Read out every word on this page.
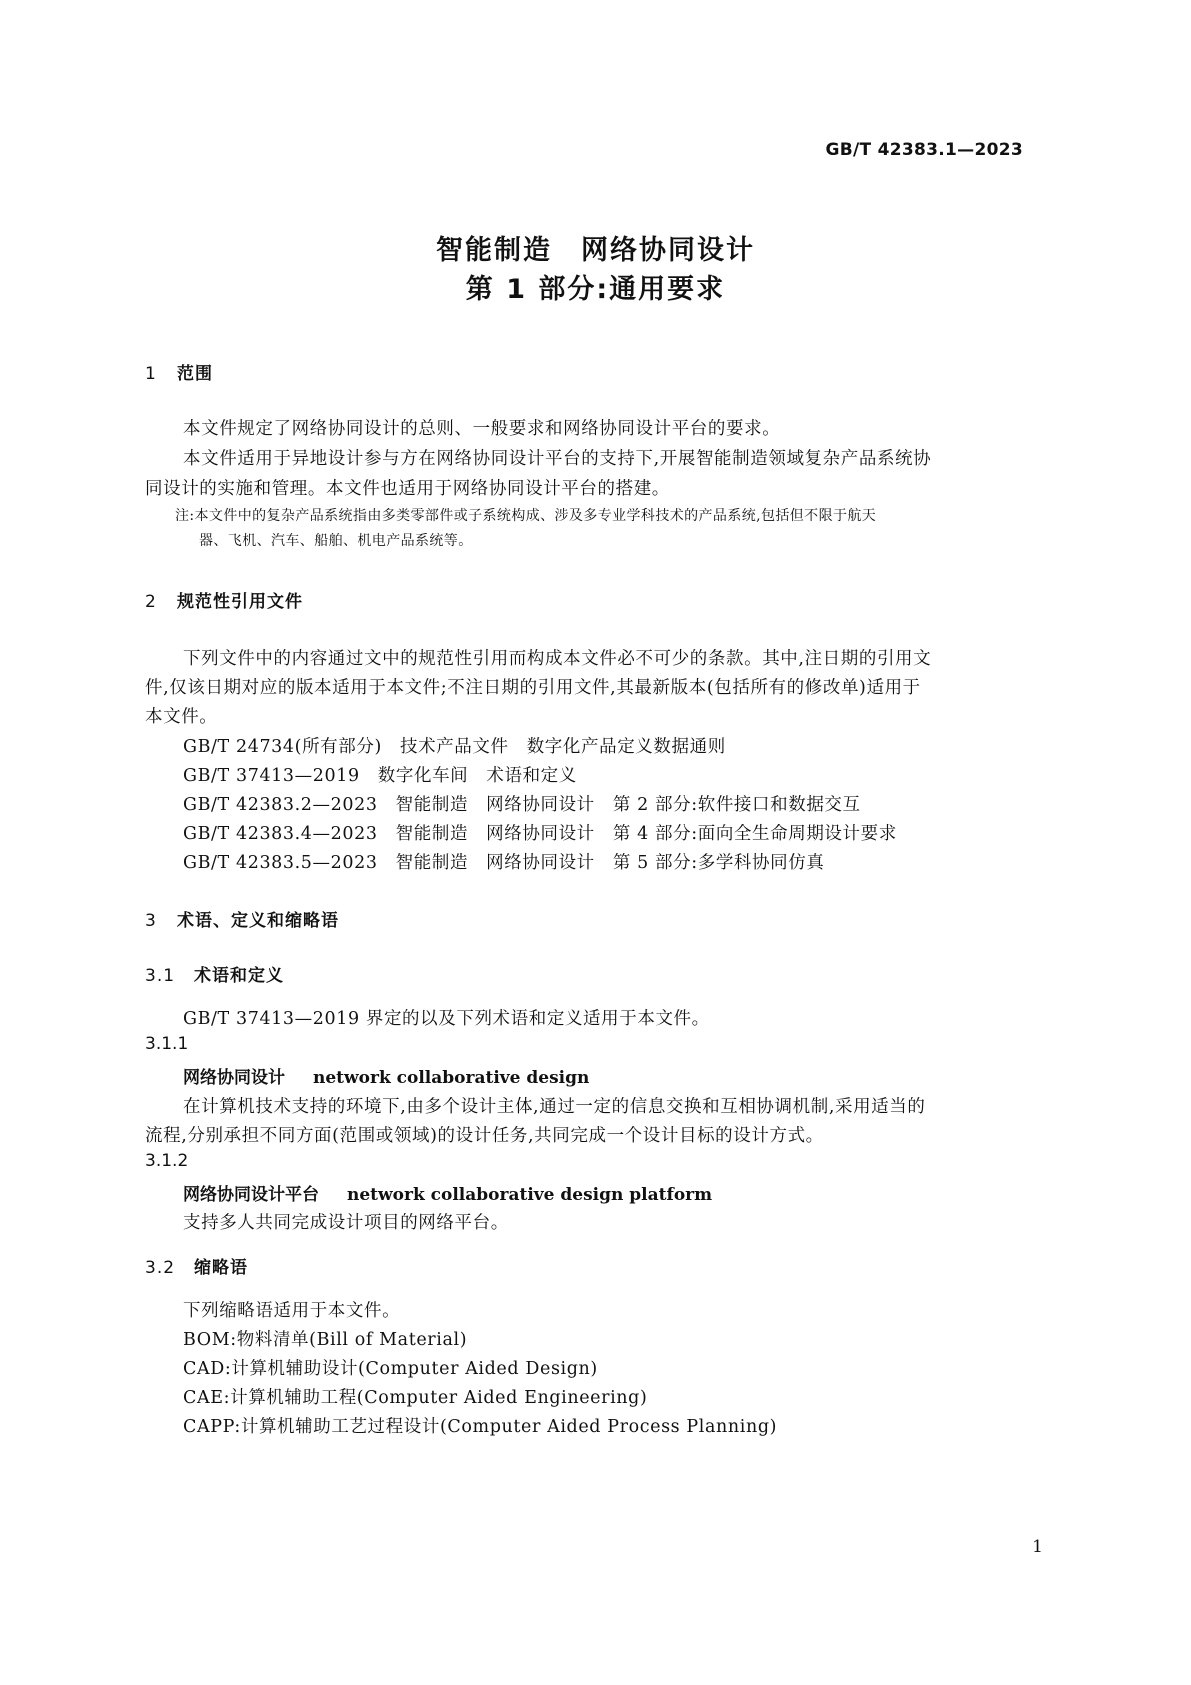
GB/T 42383.1—2023
智能制造　网络协同设计
第 1 部分:通用要求
1 范围
本文件规定了网络协同设计的总则、一般要求和网络协同设计平台的要求。
本文件适用于异地设计参与方在网络协同设计平台的支持下,开展智能制造领域复杂产品系统协
同设计的实施和管理。本文件也适用于网络协同设计平台的搭建。
注:本文件中的复杂产品系统指由多类零部件或子系统构成、涉及多专业学科技术的产品系统,包括但不限于航天
器、飞机、汽车、船舶、机电产品系统等。
2 规范性引用文件
下列文件中的内容通过文中的规范性引用而构成本文件必不可少的条款。其中,注日期的引用文
件,仅该日期对应的版本适用于本文件;不注日期的引用文件,其最新版本(包括所有的修改单)适用于
本文件。
GB/T 24734(所有部分)　技术产品文件　数字化产品定义数据通则
GB/T 37413—2019　数字化车间　术语和定义
GB/T 42383.2—2023　智能制造　网络协同设计　第 2 部分:软件接口和数据交互
GB/T 42383.4—2023　智能制造　网络协同设计　第 4 部分:面向全生命周期设计要求
GB/T 42383.5—2023　智能制造　网络协同设计　第 5 部分:多学科协同仿真
3 术语、定义和缩略语
3.1 术语和定义
GB/T 37413—2019 界定的以及下列术语和定义适用于本文件。
3.1.1
网络协同设计 network collaborative design
在计算机技术支持的环境下,由多个设计主体,通过一定的信息交换和互相协调机制,采用适当的
流程,分别承担不同方面(范围或领域)的设计任务,共同完成一个设计目标的设计方式。
3.1.2
网络协同设计平台 network collaborative design platform
支持多人共同完成设计项目的网络平台。
3.2 缩略语
下列缩略语适用于本文件。
BOM:物料清单(Bill of Material)
CAD:计算机辅助设计(Computer Aided Design)
CAE:计算机辅助工程(Computer Aided Engineering)
CAPP:计算机辅助工艺过程设计(Computer Aided Process Planning)
1
